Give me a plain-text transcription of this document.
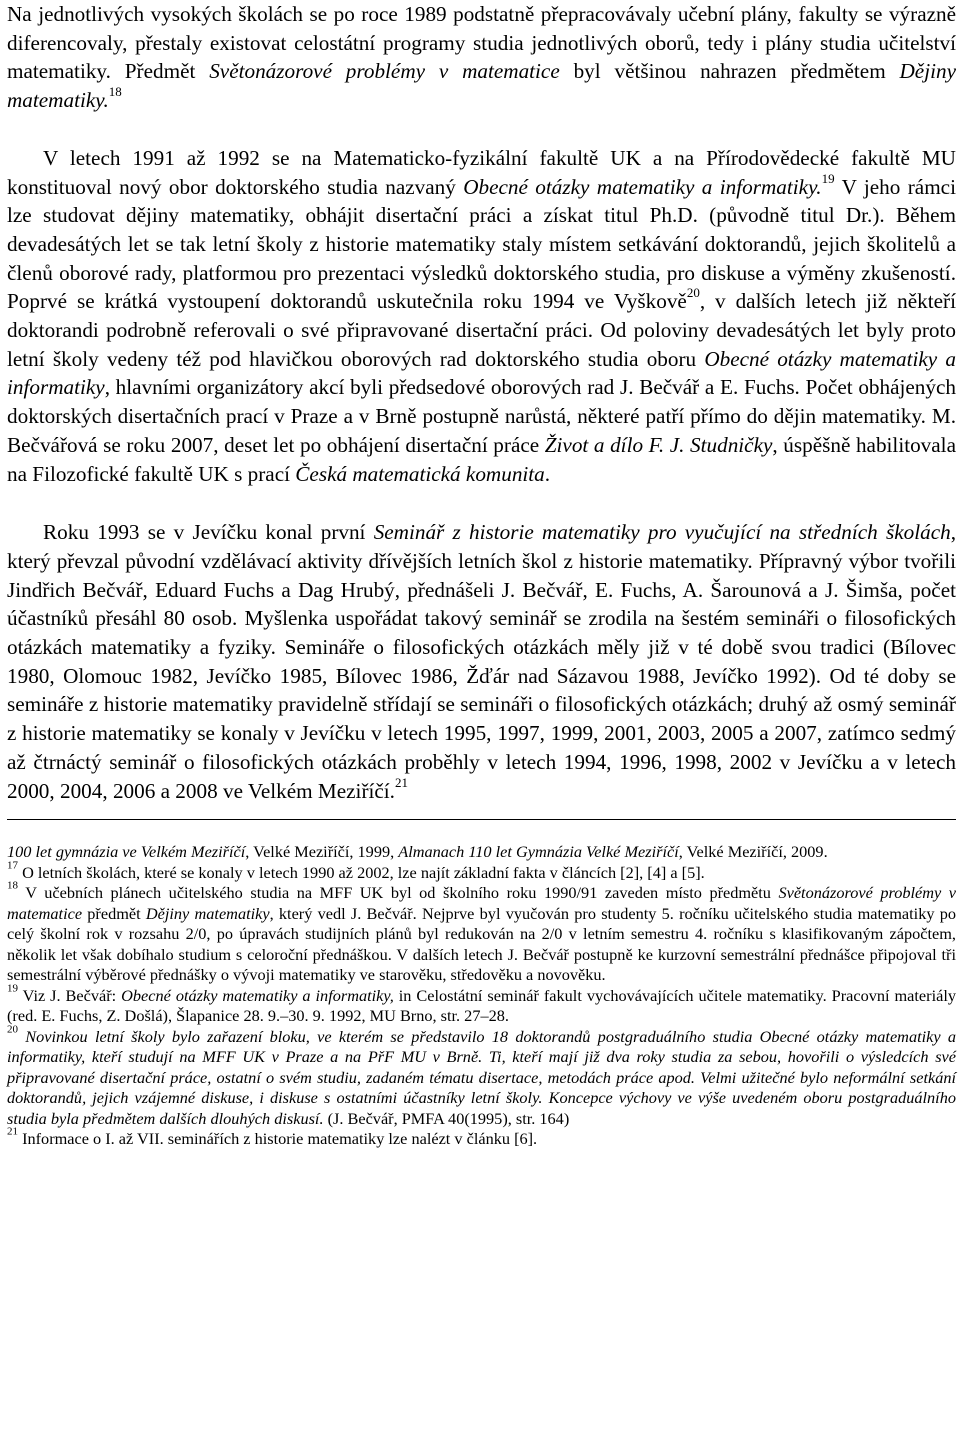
Na jednotlivých vysokých školách se po roce 1989 podstatně přepracovávaly učební plány, fakulty se výrazně diferencovaly, přestaly existovat celostátní programy studia jednotlivých oborů, tedy i plány studia učitelství matematiky. Předmět Světonázorové problémy v matematice byl většinou nahrazen předmětem Dějiny matematiky.$^{18}$

V letech 1991 až 1992 se na Matematicko-fyzikální fakultě UK a na Přírodovědecké fakultě MU konstituoval nový obor doktorského studia nazvaný Obecné otázky matematiky a informatiky.$^{19}$ V jeho rámci lze studovat dějiny matematiky, obhájit disertační práci a získat titul Ph.D. (původně titul Dr.). Během devadesátých let se tak letní školy z historie matematiky staly místem setkávání doktorandů, jejich školitelů a členů oborové rady, platformou pro prezentaci výsledků doktorského studia, pro diskuse a výměny zkušeností. Poprvé se krátká vystoupení doktorandů uskutečnila roku 1994 ve Vyškově$^{20}$, v dalších letech již někteří doktorandi podrobně referovali o své připravované disertační práci. Od poloviny devadesátých let byly proto letní školy vedeny též pod hlavičkou oborových rad doktorského studia oboru Obecné otázky matematiky a informatiky, hlavními organizátory akcí byli předsedové oborových rad J. Bečvář a E. Fuchs. Počet obhájených doktorských disertačních prací v Praze a v Brně postupně narůstá, některé patří přímo do dějin matematiky. M. Bečvářová se roku 2007, deset let po obhájení disertační práce Život a dílo F. J. Studničky, úspěšně habilitovala na Filozofické fakultě UK s prací Česká matematická komunita.

Roku 1993 se v Jevíčku konal první Seminář z historie matematiky pro vyučující na středních školách, který převzal původní vzdělávací aktivity dřívějších letních škol z historie matematiky. Přípravný výbor tvořili Jindřich Bečvář, Eduard Fuchs a Dag Hrubý, přednášeli J. Bečvář, E. Fuchs, A. Šarounová a J. Šimša, počet účastníků přesáhl 80 osob. Myšlenka uspořádat takový seminář se zrodila na šestém semináři o filosofických otázkách matematiky a fyziky. Semináře o filosofických otázkách měly již v té době svou tradici (Bílovec 1980, Olomouc 1982, Jevíčko 1985, Bílovec 1986, Žďár nad Sázavou 1988, Jevíčko 1992). Od té doby se semináře z historie matematiky pravidelně střídají se semináři o filosofických otázkách; druhý až osmý seminář z historie matematiky se konaly v Jevíčku v letech 1995, 1997, 1999, 2001, 2003, 2005 a 2007, zatímco sedmý až čtrnáctý seminář o filosofických otázkách proběhly v letech 1994, 1996, 1998, 2002 v Jevíčku a v letech 2000, 2004, 2006 a 2008 ve Velkém Meziříčí.$^{21}$

100 let gymnázia ve Velkém Meziříčí, Velké Meziříčí, 1999, Almanach 110 let Gymnázia Velké Meziříčí, Velké Meziříčí, 2009.

$^{17}$ O letních školách, které se konaly v letech 1990 až 2002, lze najít základní fakta v článcích [2], [4] a [5].

$^{18}$ V učebních plánech učitelského studia na MFF UK byl od školního roku 1990/91 zaveden místo předmětu Světonázorové problémy v matematice předmět Dějiny matematiky, který vedl J. Bečvář. Nejprve byl vyučován pro studenty 5. ročníku učitelského studia matematiky po celý školní rok v rozsahu 2/0, po úpravách studijních plánů byl redukován na 2/0 v letním semestru 4. ročníku s klasifikovaným zápočtem, několik let však dobíhalo studium s celoroční přednáškou. V dalších letech J. Bečvář postupně ke kurzovní semestrální přednášce připojoval tři semestrální výběrové přednášky o vývoji matematiky ve starověku, středověku a novověku.

$^{19}$ Viz J. Bečvář: Obecné otázky matematiky a informatiky, in Celostátní seminář fakult vychovávajících učitele matematiky. Pracovní materiály (red. E. Fuchs, Z. Došlá), Šlapanice 28. 9.–30. 9. 1992, MU Brno, str. 27–28.

$^{20}$ Novinkou letní školy bylo zařazení bloku, ve kterém se představilo 18 doktorandů postgraduálního studia Obecné otázky matematiky a informatiky, kteří studují na MFF UK v Praze a na PřF MU v Brně. Ti, kteří mají již dva roky studia za sebou, hovořili o výsledcích své připravované disertační práce, ostatní o svém studiu, zadaném tématu disertace, metodách práce apod. Velmi užitečné bylo neformální setkání doktorandů, jejich vzájemné diskuse, i diskuse s ostatními účastníky letní školy. Koncepce výchovy ve výše uvedeném oboru postgraduálního studia byla předmětem dalších dlouhých diskusí. (J. Bečvář, PMFA 40(1995), str. 164)

$^{21}$ Informace o I. až VII. seminářích z historie matematiky lze nalézt v článku [6].
